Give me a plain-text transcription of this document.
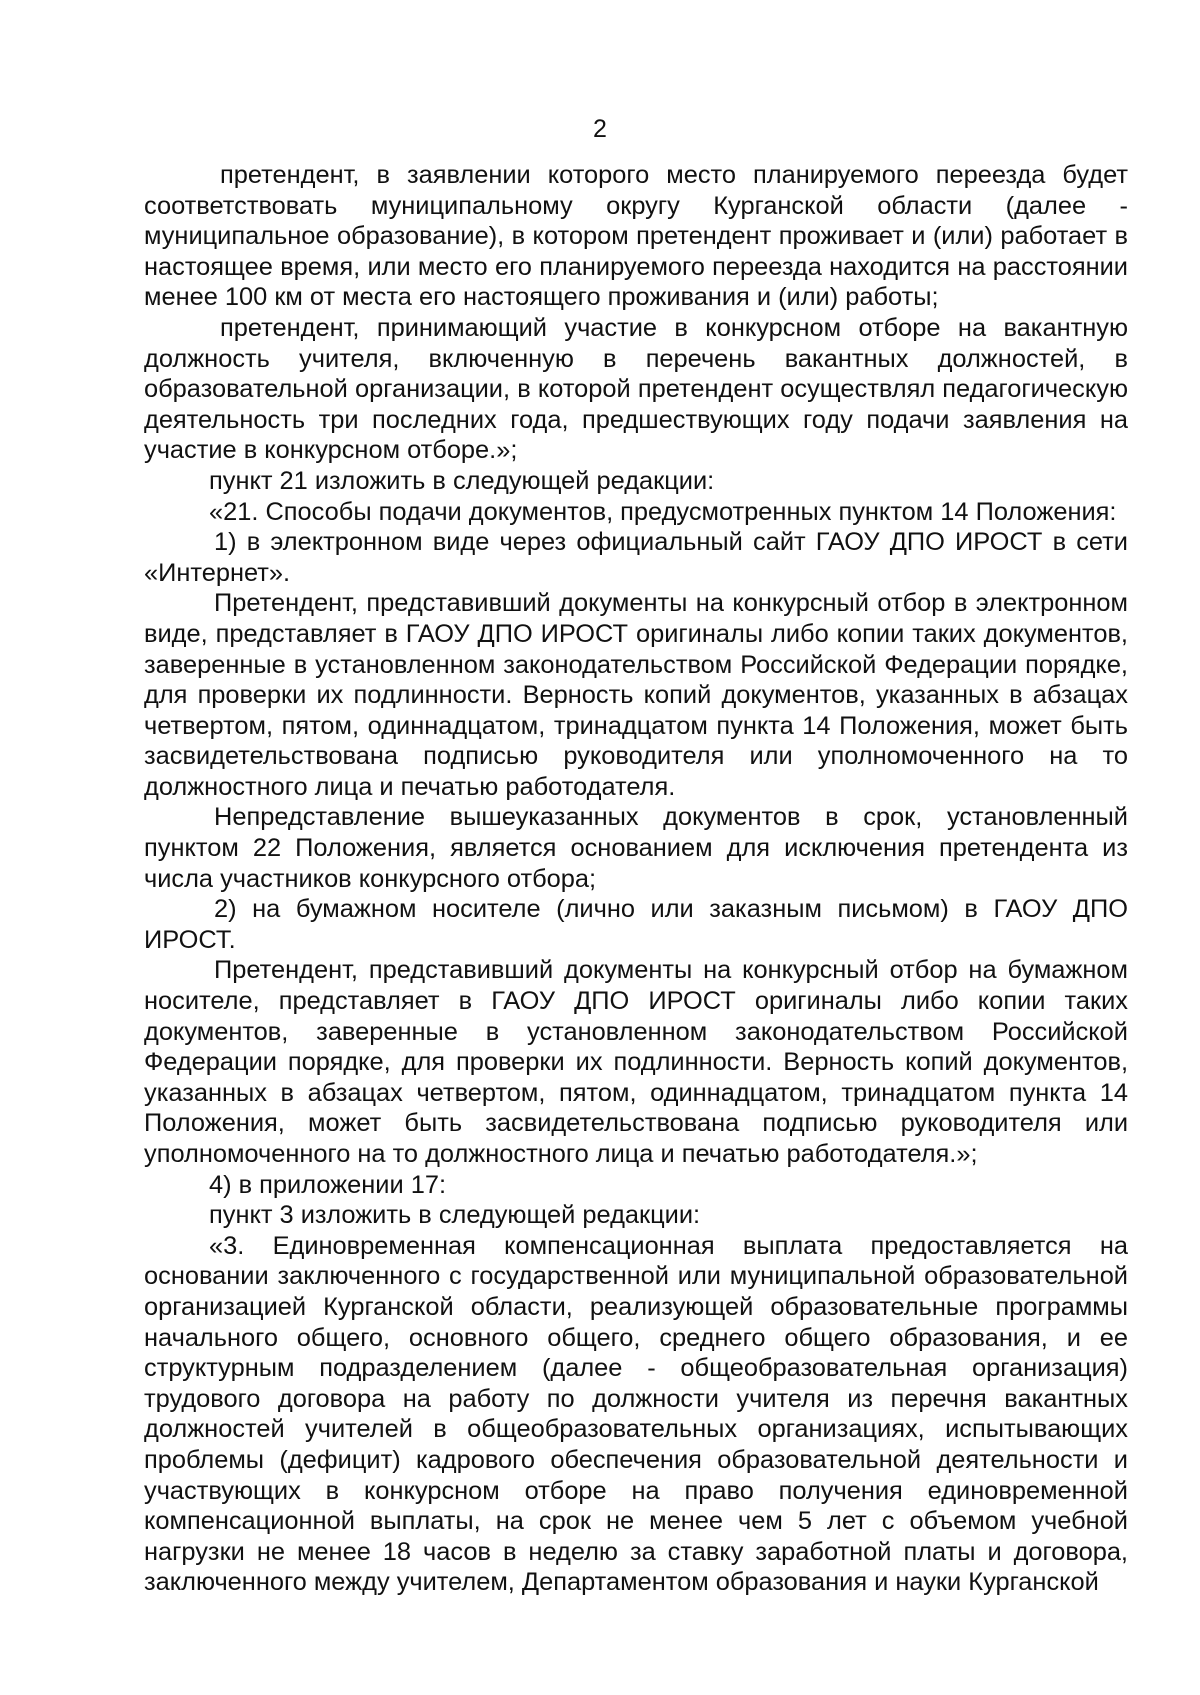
2

претендент, в заявлении которого место планируемого переезда будет соответствовать муниципальному округу Курганской области (далее - муниципальное образование), в котором претендент проживает и (или) работает в настоящее время, или место его планируемого переезда находится на расстоянии менее 100 км от места его настоящего проживания и (или) работы;

претендент, принимающий участие в конкурсном отборе на вакантную должность учителя, включенную в перечень вакантных должностей, в образовательной организации, в которой претендент осуществлял педагогическую деятельность три последних года, предшествующих году подачи заявления на участие в конкурсном отборе.»;

пункт 21 изложить в следующей редакции:

«21. Способы подачи документов, предусмотренных пунктом 14 Положения:

1) в электронном виде через официальный сайт ГАОУ ДПО ИРОСТ в сети «Интернет».

Претендент, представивший документы на конкурсный отбор в электронном виде, представляет в ГАОУ ДПО ИРОСТ оригиналы либо копии таких документов, заверенные в установленном законодательством Российской Федерации порядке, для проверки их подлинности. Верность копий документов, указанных в абзацах четвертом, пятом, одиннадцатом, тринадцатом пункта 14 Положения, может быть засвидетельствована подписью руководителя или уполномоченного на то должностного лица и печатью работодателя.

Непредставление вышеуказанных документов в срок, установленный пунктом 22 Положения, является основанием для исключения претендента из числа участников конкурсного отбора;

2) на бумажном носителе (лично или заказным письмом) в ГАОУ ДПО ИРОСТ.

Претендент, представивший документы на конкурсный отбор на бумажном носителе, представляет в ГАОУ ДПО ИРОСТ оригиналы либо копии таких документов, заверенные в установленном законодательством Российской Федерации порядке, для проверки их подлинности. Верность копий документов, указанных в абзацах четвертом, пятом, одиннадцатом, тринадцатом пункта 14 Положения, может быть засвидетельствована подписью руководителя или уполномоченного на то должностного лица и печатью работодателя.»;

4) в приложении 17:

пункт 3 изложить в следующей редакции:

«3. Единовременная компенсационная выплата предоставляется на основании заключенного с государственной или муниципальной образовательной организацией Курганской области, реализующей образовательные программы начального общего, основного общего, среднего общего образования, и ее структурным подразделением (далее - общеобразовательная организация) трудового договора на работу по должности учителя из перечня вакантных должностей учителей в общеобразовательных организациях, испытывающих проблемы (дефицит) кадрового обеспечения образовательной деятельности и участвующих в конкурсном отборе на право получения единовременной компенсационной выплаты, на срок не менее чем 5 лет с объемом учебной нагрузки не менее 18 часов в неделю за ставку заработной платы и договора, заключенного между учителем, Департаментом образования и науки Курганской
